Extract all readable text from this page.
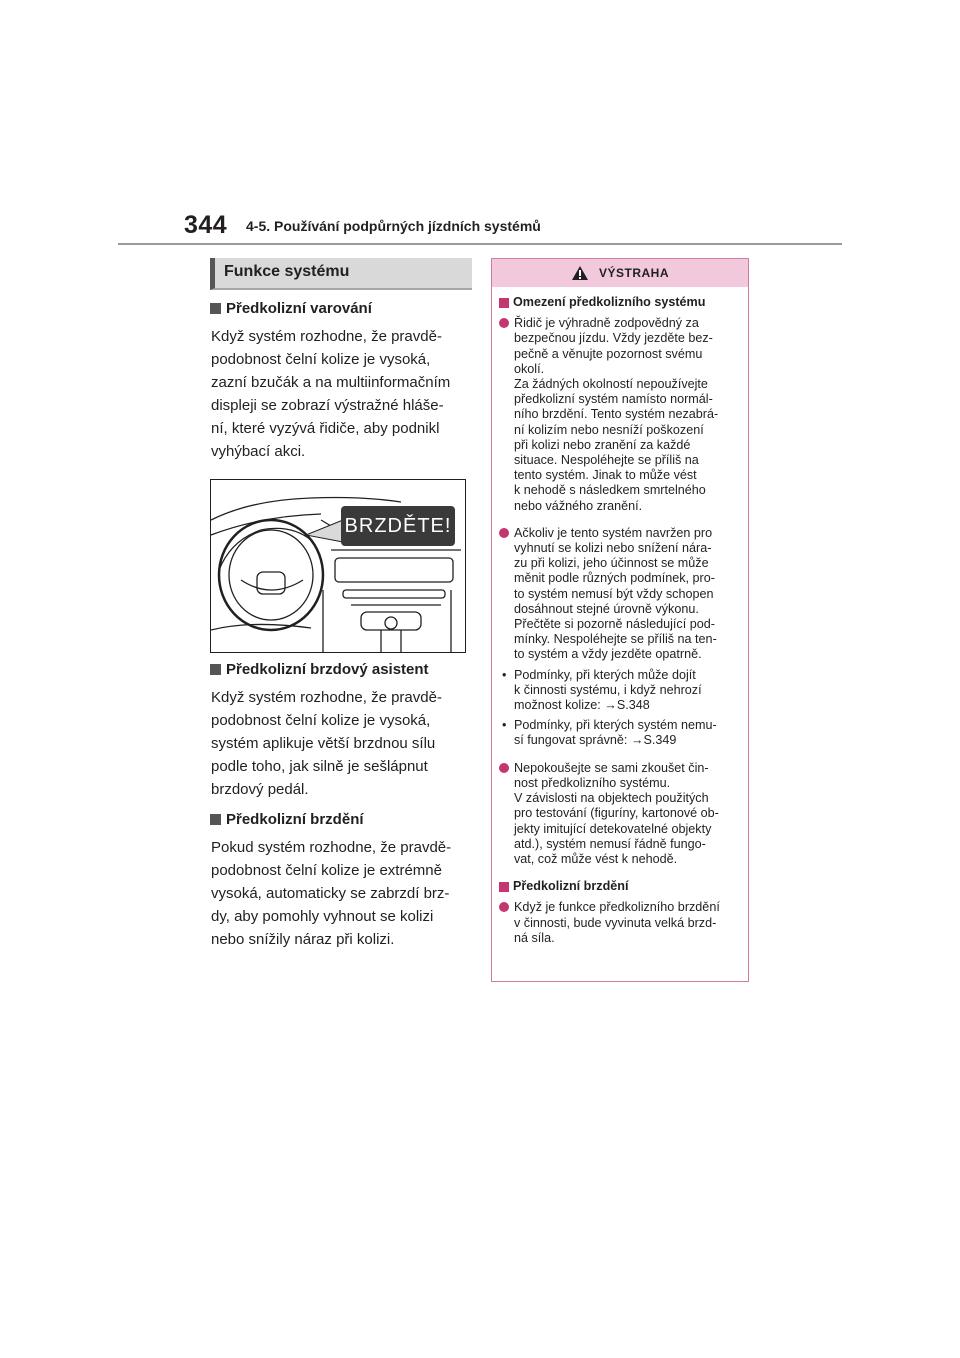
344 4-5. Používání podpůrných jízdních systémů
Funkce systému
Předkolizní varování
Když systém rozhodne, že pravdě-
podobnost čelní kolize je vysoká,
zazní bzučák a na multiinformačním
displeji se zobrazí výstražné hláše-
ní, které vyzývá řidiče, aby podnikl
vyhýbací akci.
BRZDĚTE!
Předkolizní brzdový asistent
Když systém rozhodne, že pravdě-
podobnost čelní kolize je vysoká,
systém aplikuje větší brzdnou sílu
podle toho, jak silně je sešlápnut
brzdový pedál.
Předkolizní brzdění
Pokud systém rozhodne, že pravdě-
podobnost čelní kolize je extrémně
vysoká, automaticky se zabrzdí brz-
dy, aby pomohly vyhnout se kolizi
nebo snížily náraz při kolizi.
VÝSTRAHA
Omezení předkolizního systému
Řidič je výhradně zodpovědný za
bezpečnou jízdu. Vždy jezděte bez-
pečně a věnujte pozornost svému
okolí.
Za žádných okolností nepoužívejte
předkolizní systém namísto normál-
ního brzdění. Tento systém nezabrá-
ní kolizím nebo nesníží poškození
při kolizi nebo zranění za každé
situace. Nespoléhejte se příliš na
tento systém. Jinak to může vést
k nehodě s následkem smrtelného
nebo vážného zranění.
Ačkoliv je tento systém navržen pro
vyhnutí se kolizi nebo snížení nára-
zu při kolizi, jeho účinnost se může
měnit podle různých podmínek, pro-
to systém nemusí být vždy schopen
dosáhnout stejné úrovně výkonu.
Přečtěte si pozorně následující pod-
mínky. Nespoléhejte se příliš na ten-
to systém a vždy jezděte opatrně.
• Podmínky, při kterých může dojít
k činnosti systému, i když nehrozí
možnost kolize: →S.348
• Podmínky, při kterých systém nemu-
sí fungovat správně: →S.349
Nepokoušejte se sami zkoušet čin-
nost předkolizního systému.
V závislosti na objektech použitých
pro testování (figuríny, kartonové ob-
jekty imitující detekovatelné objekty
atd.), systém nemusí řádně fungo-
vat, což může vést k nehodě.
Předkolizní brzdění
Když je funkce předkolizního brzdění
v činnosti, bude vyvinuta velká brzd-
ná síla.
